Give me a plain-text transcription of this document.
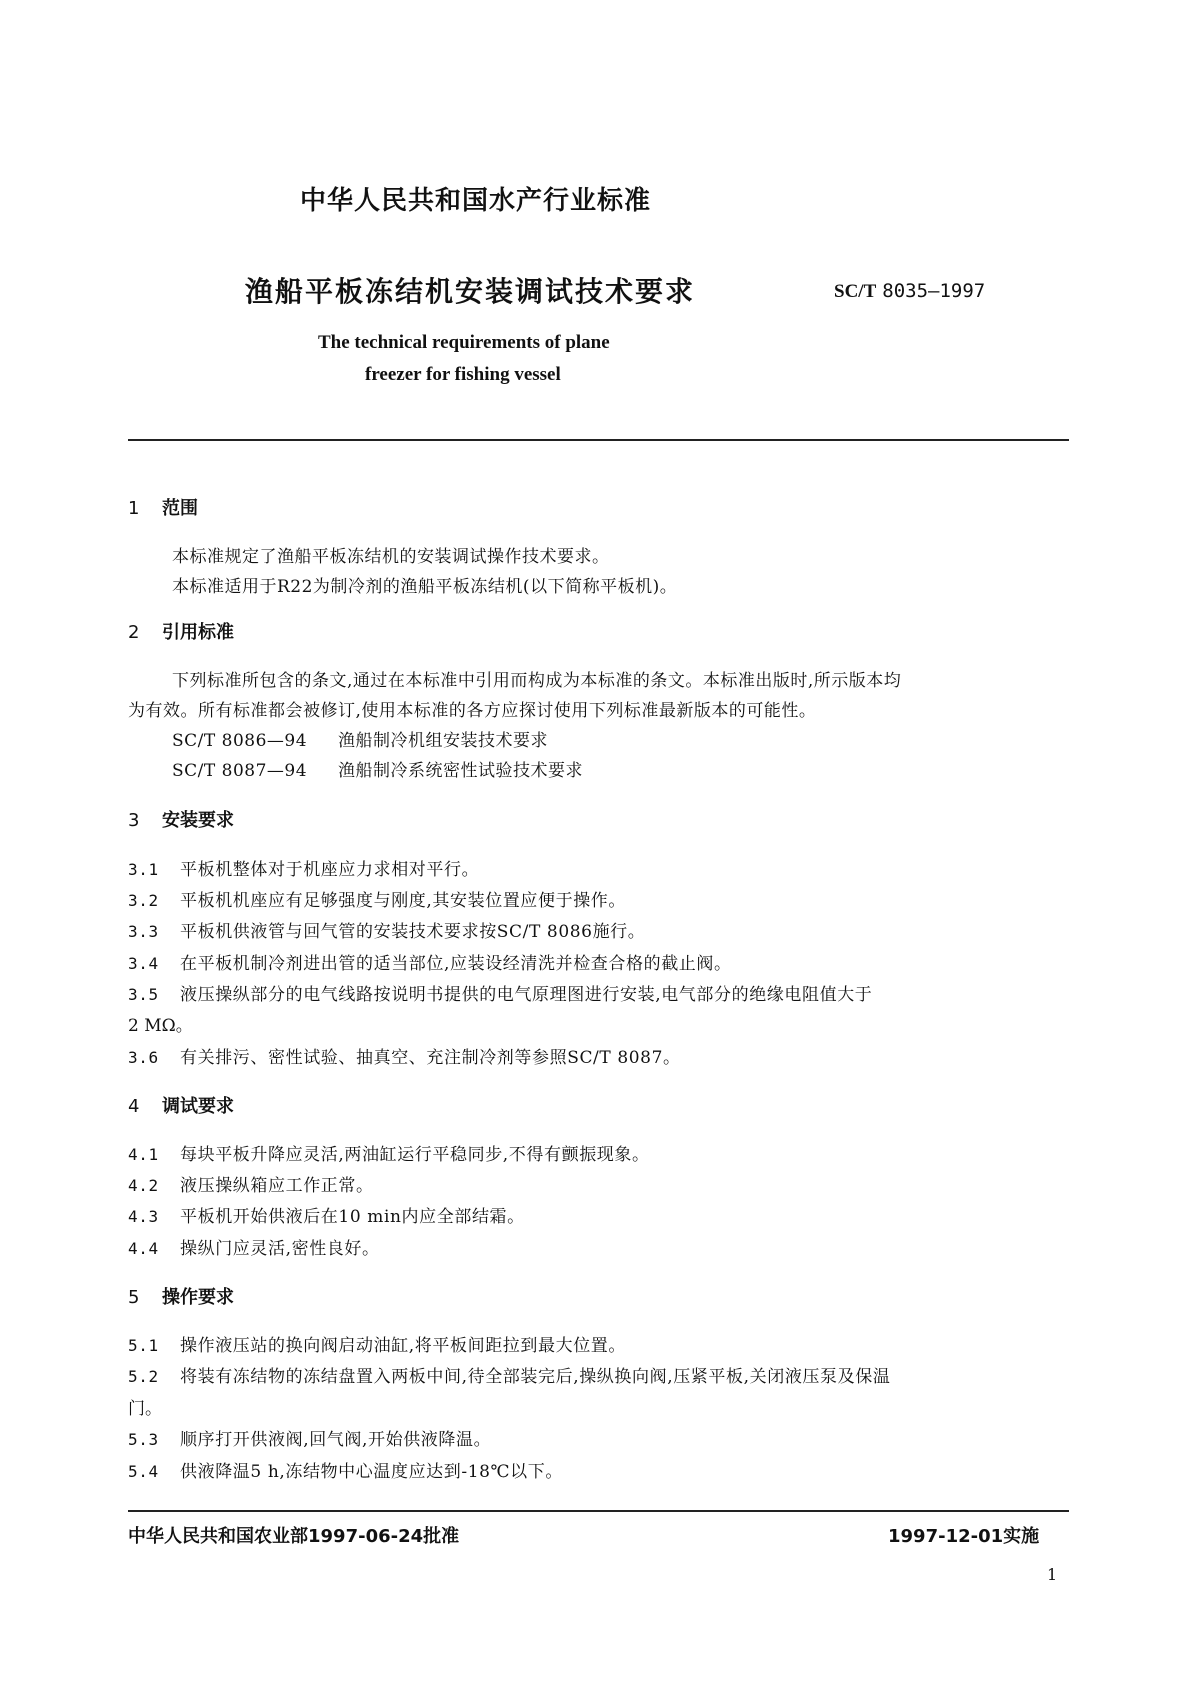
中华人民共和国水产行业标准
渔船平板冻结机安装调试技术要求	SC/T 8035—1997
The technical requirements of plane
freezer for fishing vessel
1 范围
本标准规定了渔船平板冻结机的安装调试操作技术要求。
本标准适用于R22为制冷剂的渔船平板冻结机(以下简称平板机)。
2 引用标准
下列标准所包含的条文,通过在本标准中引用而构成为本标准的条文。本标准出版时,所示版本均
为有效。所有标准都会被修订,使用本标准的各方应探讨使用下列标准最新版本的可能性。
SC/T 8086—94 渔船制冷机组安装技术要求
SC/T 8087—94 渔船制冷系统密性试验技术要求
3 安装要求
3.1 平板机整体对于机座应力求相对平行。
3.2 平板机机座应有足够强度与刚度,其安装位置应便于操作。
3.3 平板机供液管与回气管的安装技术要求按SC/T 8086施行。
3.4 在平板机制冷剂进出管的适当部位,应装设经清洗并检查合格的截止阀。
3.5 液压操纵部分的电气线路按说明书提供的电气原理图进行安装,电气部分的绝缘电阻值大于
2 MΩ。
3.6 有关排污、密性试验、抽真空、充注制冷剂等参照SC/T 8087。
4 调试要求
4.1 每块平板升降应灵活,两油缸运行平稳同步,不得有颤振现象。
4.2 液压操纵箱应工作正常。
4.3 平板机开始供液后在10 min内应全部结霜。
4.4 操纵门应灵活,密性良好。
5 操作要求
5.1 操作液压站的换向阀启动油缸,将平板间距拉到最大位置。
5.2 将装有冻结物的冻结盘置入两板中间,待全部装完后,操纵换向阀,压紧平板,关闭液压泵及保温
门。
5.3 顺序打开供液阀,回气阀,开始供液降温。
5.4 供液降温5 h,冻结物中心温度应达到-18℃以下。
中华人民共和国农业部1997-06-24批准	1997-12-01实施
1
